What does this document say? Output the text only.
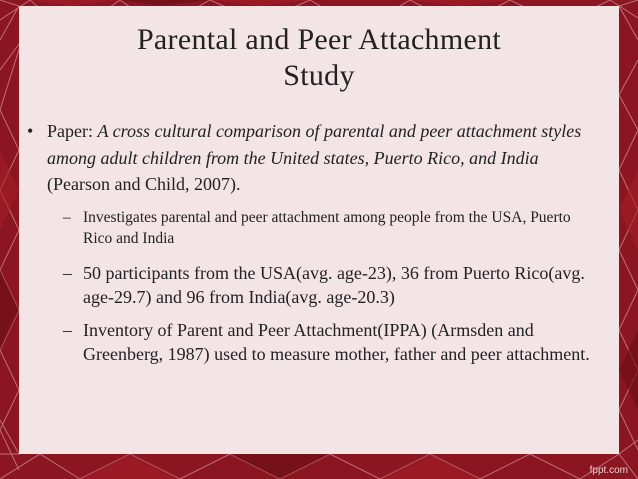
Parental and Peer Attachment
Study
• Paper: A cross cultural comparison of parental and peer attachment styles among adult children from the United states, Puerto Rico, and India (Pearson and Child, 2007).
– Investigates parental and peer attachment among people from the USA, Puerto Rico and India
– 50 participants from the USA(avg. age-23), 36 from Puerto Rico(avg. age-29.7) and 96 from India(avg. age-20.3)
– Inventory of Parent and Peer Attachment(IPPA) (Armsden and Greenberg, 1987) used to measure mother, father and peer attachment.
fppt.com
